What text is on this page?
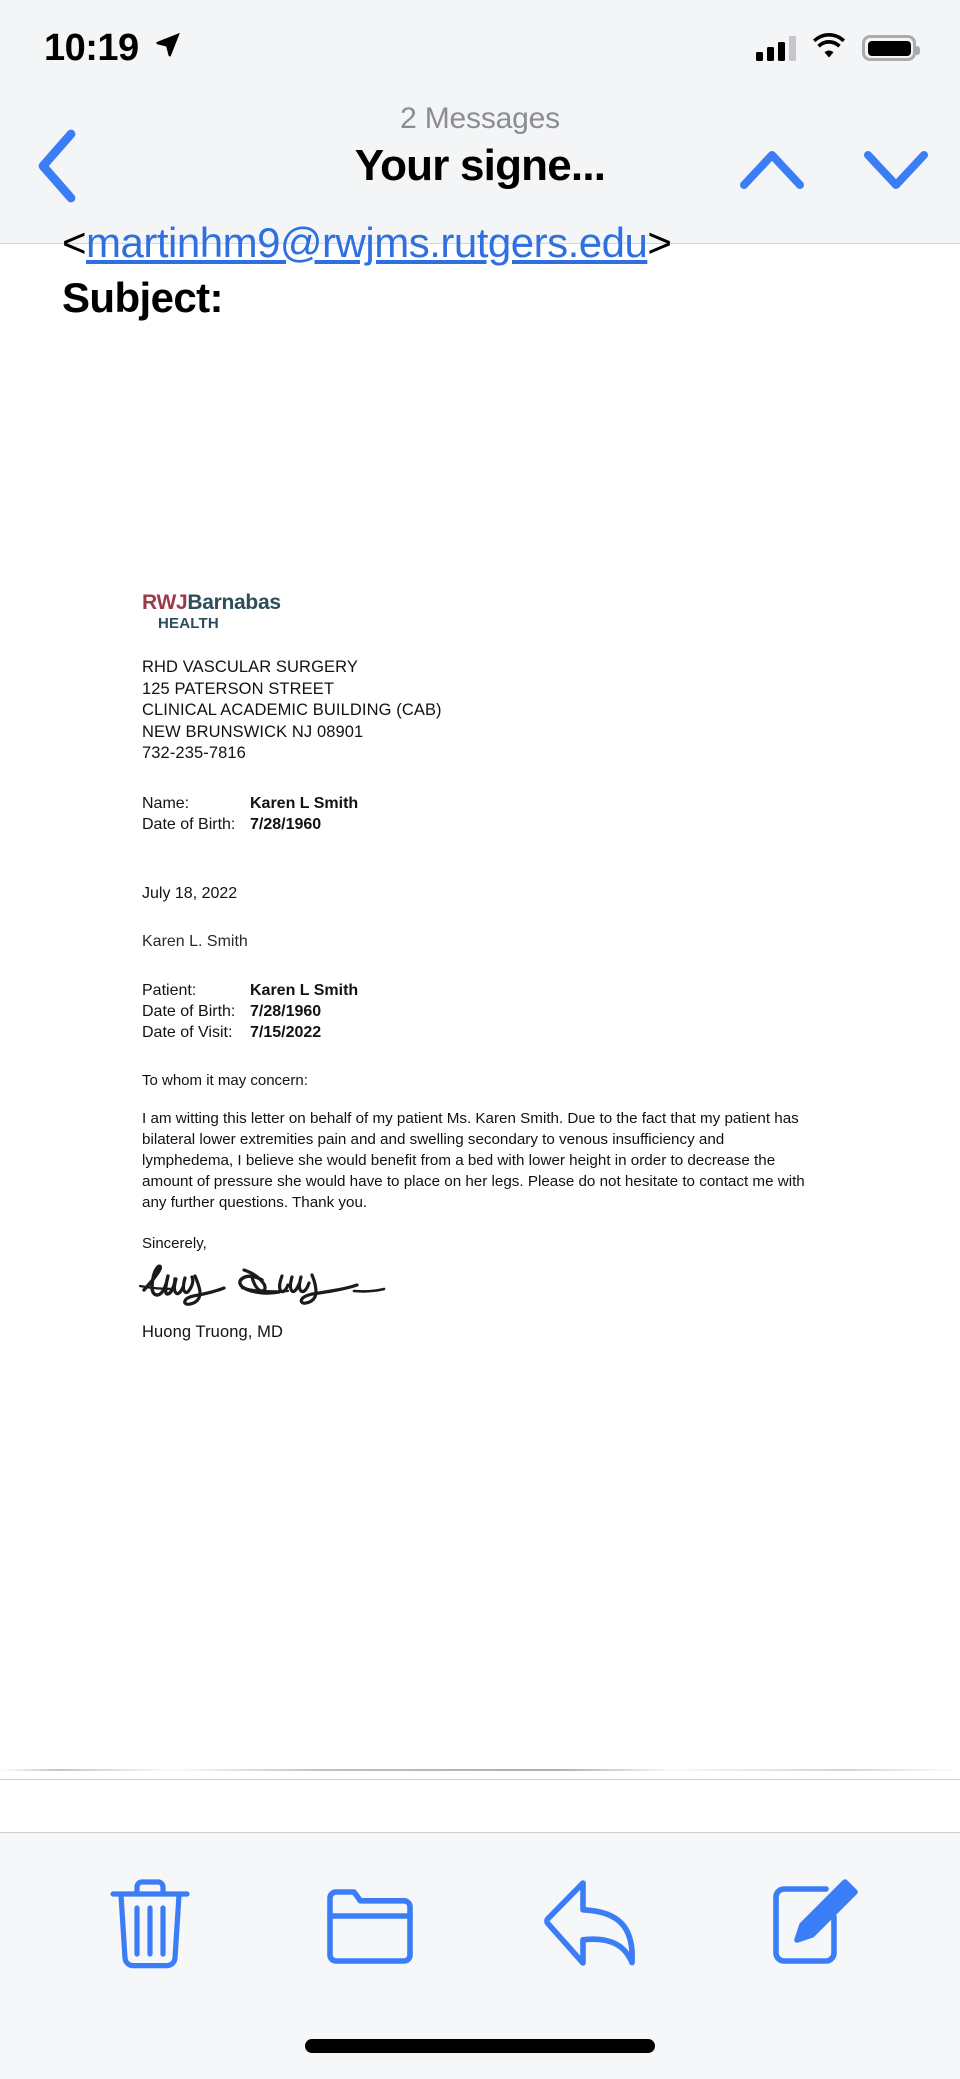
10:19
2 Messages
Your signe...
<martinhm9@rwjms.rutgers.edu>
Subject:
RWJBarnabas
HEALTH
RHD VASCULAR SURGERY
125 PATERSON STREET
CLINICAL ACADEMIC BUILDING (CAB)
NEW BRUNSWICK NJ 08901
732-235-7816
Name:	Karen L Smith
Date of Birth: 7/28/1960
July 18, 2022
Karen L. Smith
Patient:	Karen L Smith
Date of Birth: 7/28/1960
Date of Visit:	7/15/2022
To whom it may concern:
I am witting this letter on behalf of my patient Ms. Karen Smith. Due to the fact that my patient has bilateral lower extremities pain and and swelling secondary to venous insufficiency and lymphedema, I believe she would benefit from a bed with lower height in order to decrease the amount of pressure she would have to place on her legs. Please do not hesitate to contact me with any further questions. Thank you.
Sincerely,
Huong Truong, MD
